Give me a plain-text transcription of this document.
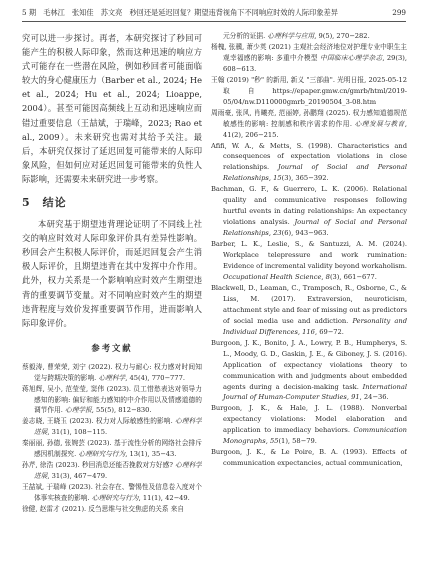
5 期　毛林江　张知佳　苏文亮　秒回还是延迟回复？期望违背视角下不同响应时效的人际印象差异	299

究可以进一步探讨。再者，本研究探讨了秒回可能产生的积极人际印象，然而这种迅速的响应方式可能存在一些潜在风险，例如秒回者可能面临较大的身心健康压力（Barber et al., 2024; He et al., 2024; Hu et al., 2024; Lioappe, 2004）。甚至可能因高频线上互动和迅速响应而错过重要信息（王喆斌，于瑞峰，2023; Rao et al., 2009）。未来研究也需对其给予关注。最后，本研究仅探讨了延迟回复可能带来的人际印象风险，但如何应对延迟回复可能带来的负性人际影响，还需要未来研究进一步考察。

5 结论

本研究基于期望违背理论证明了不同线上社交的响应时效对人际印象评价具有差异性影响。秒回会产生积极人际评价，而延迟回复会产生消极人际评价，且期望违背在其中发挥中介作用。此外，权力关系是一个影响响应时效产生期望违背的重要调节变量。对不同响应时效产生的期望违背程度与效价发挥重要调节作用，进而影响人际印象评价。

参考文献

蔡毅涛, 曹荣荣, 刘宁 (2022). 权力与耐心: 权力感对时间知觉与跨期决策的影响. 心理科学, 45(4), 770−777.

蒋旭辉, 吴小, 范莹莹, 窦伟 (2023). 员工惜愁表达对领导力感知的影响: 偏好和能力感知的中介作用以及情感道德的调节作用. 心理学报, 55(5), 812−830.

姜志晓, 王晓玉 (2023). 权力对人际敏感性的影响. 心理科学进展, 31(1), 108−115.

秦丽丽, 孙德, 张婉芸 (2023). 基于流性分析的网络社会排斥感因机制探究. 心理研究与行为, 13(1), 35−43.

孙芹, 徐浩 (2023). 秒回消息还能否挽救对方好感? 心理科学进展, 31(3), 467−479.

王喆斌, 于瑞峰 (2023). 社会存在、警惕性及信息卷入度对个体事实核查的影响. 心理研究与行为, 11(1), 42−49.

徐健, 赵雷才 (2021). 反刍思维与社交焦虑的关系 来自

元分析的证据. 心理科学与应用, 9(5), 270−282.

杨槐, 张骥, 萧少英 (2021) 主观社会经济地位对护理专业中职生主观幸福感的影响: 多重中介模型 中国临床心理学杂志, 29(3), 608−613.

王翰 (2019) "秒" 的新用, 新义 "三部曲". 光明日报, 2025-05-12取自https://epaper.gmw.cn/gmrb/html/2019-05/04/nw.D110000gmrb_20190504_3-08.htm

周雨豪, 张风, 肖曦亮, 范丽婷, 孙鹏翔 (2025). 权力感知道德规范敏感性的影响: 控制感和秩序需求的作用. 心理发展与教育, 41(2), 206−215.

Afifi, W. A., & Metts, S. (1998). Characteristics and consequences of expectation violations in close relationships. Journal of Social and Personal Relationships, 15(3), 365−392.

Bachman, G. F., & Guerrero, L. K. (2006). Relational quality and communicative responses following hurtful events in dating relationships: An expectancy violations analysis. Journal of Social and Personal Relationships, 23(6), 943−963.

Barber, L. K., Leslie, S., & Santuzzi, A. M. (2024). Workplace telepressure and work rumination: Evidence of incremental validity beyond workaholism. Occupational Health Science, 8(3), 661−677.

Blackwell, D., Leaman, C., Tramposch, R., Osborne, C., & Liss, M. (2017). Extraversion, neuroticism, attachment style and fear of missing out as predictors of social media use and addiction. Personality and Individual Differences, 116, 69−72.

Burgoon, J. K., Bonito, J. A., Lowry, P. B., Humpherys, S. L., Moody, G. D., Gaskin, J. E., & Giboney, J. S. (2016). Application of expectancy violations theory to communication with and judgments about embedded agents during a decision-making task. International Journal of Human-Computer Studies, 91, 24−36.

Burgoon, J. K., & Hale, J. L. (1988). Nonverbal expectancy violations: Model elaboration and application to immediacy behaviors. Communication Monographs, 55(1), 58−79.

Burgoon, J. K., & Le Poire, B. A. (1993). Effects of communication expectancies, actual communication,
